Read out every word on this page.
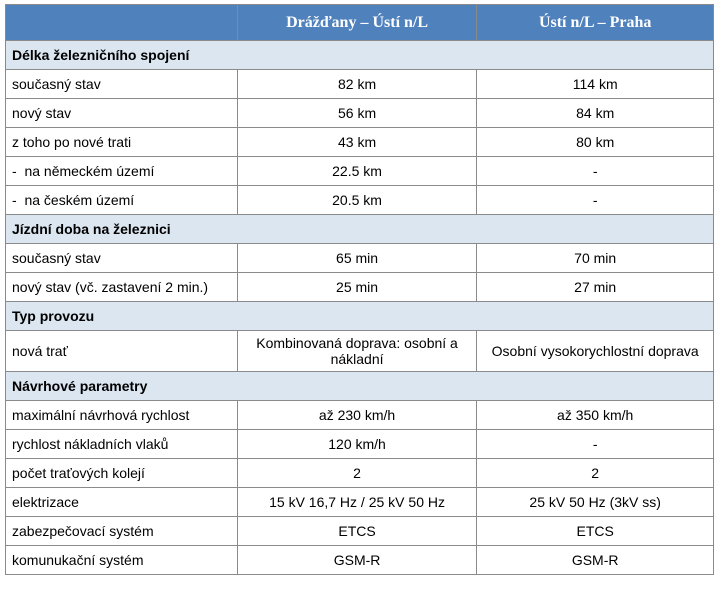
	Drážďany – Ústí n/L	Ústí n/L – Praha
Délka železničního spojení		
současný stav	82 km	114 km
nový stav	56 km	84 km
z toho po nové trati	43 km	80 km
-  na německém území	22.5 km	-
-  na českém území	20.5 km	-
Jízdní doba na železnici		
současný stav	65 min	70 min
nový stav (vč. zastavení 2 min.)	25 min	27 min
Typ provozu		
nová trať	Kombinovaná doprava: osobní a nákladní	Osobní vysokorychlostní doprava
Návrhové parametry		
maximální návrhová rychlost	až 230 km/h	až 350 km/h
rychlost nákladních vlaků	120 km/h	-
počet traťových kolejí	2	2
elektrizace	15 kV 16,7 Hz / 25 kV 50 Hz	25 kV 50 Hz (3kV ss)
zabezpečovací systém	ETCS	ETCS
komunukační systém	GSM-R	GSM-R
